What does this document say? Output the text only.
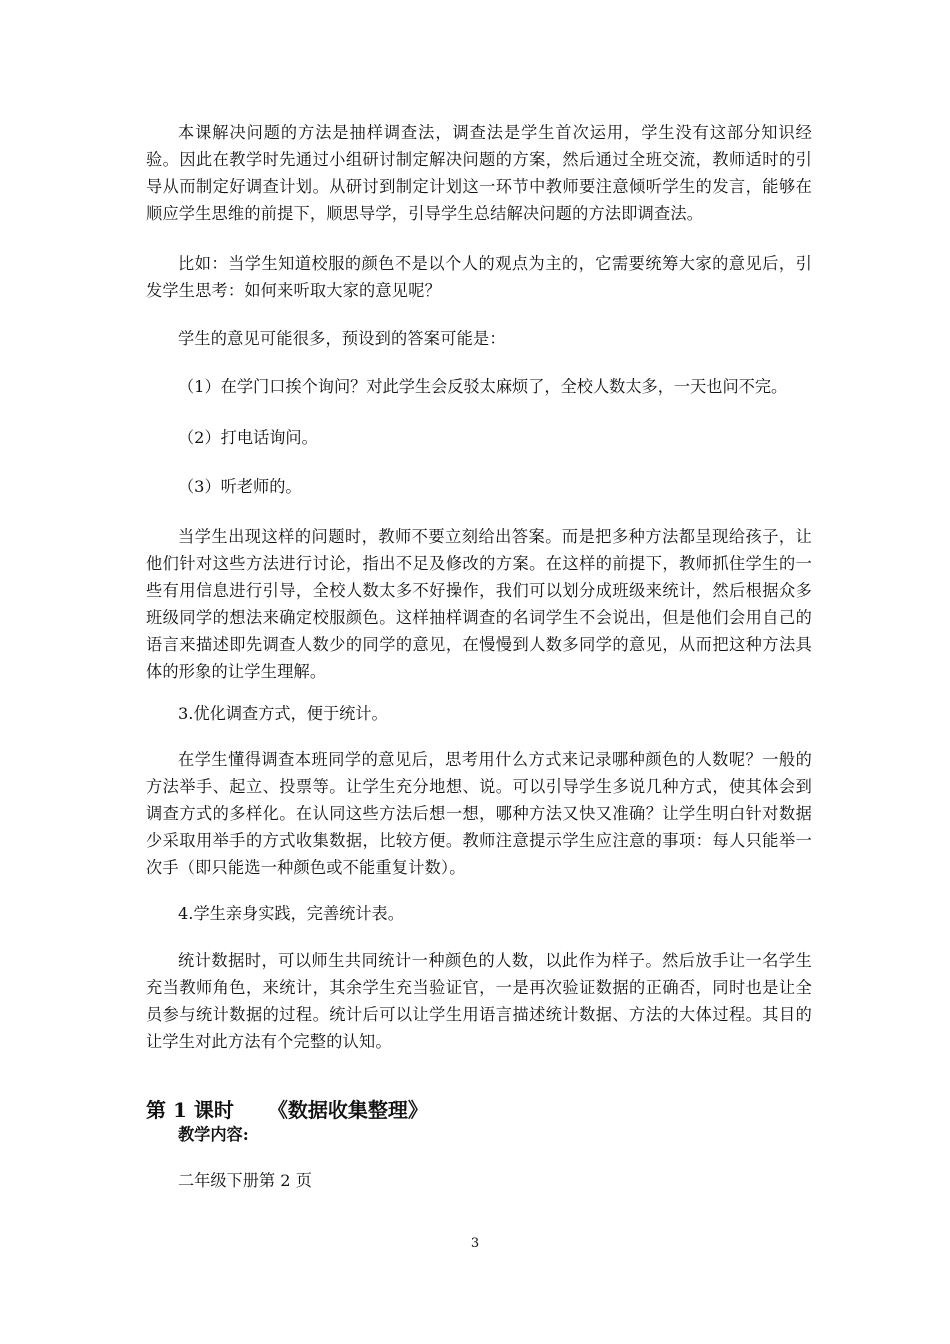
本课解决问题的方法是抽样调查法，调查法是学生首次运用，学生没有这部分知识经验。因此在教学时先通过小组研讨制定解决问题的方案，然后通过全班交流，教师适时的引导从而制定好调查计划。从研讨到制定计划这一环节中教师要注意倾听学生的发言，能够在顺应学生思维的前提下，顺思导学，引导学生总结解决问题的方法即调查法。

比如：当学生知道校服的颜色不是以个人的观点为主的，它需要统筹大家的意见后，引发学生思考：如何来听取大家的意见呢？

学生的意见可能很多，预设到的答案可能是：

（1）在学门口挨个询问？对此学生会反驳太麻烦了，全校人数太多，一天也问不完。

（2）打电话询问。

（3）听老师的。

当学生出现这样的问题时，教师不要立刻给出答案。而是把多种方法都呈现给孩子，让他们针对这些方法进行讨论，指出不足及修改的方案。在这样的前提下，教师抓住学生的一些有用信息进行引导，全校人数太多不好操作，我们可以划分成班级来统计，然后根据众多班级同学的想法来确定校服颜色。这样抽样调查的名词学生不会说出，但是他们会用自己的语言来描述即先调查人数少的同学的意见，在慢慢到人数多同学的意见，从而把这种方法具体的形象的让学生理解。

3.优化调查方式，便于统计。

在学生懂得调查本班同学的意见后，思考用什么方式来记录哪种颜色的人数呢？一般的方法举手、起立、投票等。让学生充分地想、说。可以引导学生多说几种方式，使其体会到调查方式的多样化。在认同这些方法后想一想，哪种方法又快又准确？让学生明白针对数据少采取用举手的方式收集数据，比较方便。教师注意提示学生应注意的事项：每人只能举一次手（即只能选一种颜色或不能重复计数）。

4.学生亲身实践，完善统计表。

统计数据时，可以师生共同统计一种颜色的人数，以此作为样子。然后放手让一名学生充当教师角色，来统计，其余学生充当验证官，一是再次验证数据的正确否，同时也是让全员参与统计数据的过程。统计后可以让学生用语言描述统计数据、方法的大体过程。其目的让学生对此方法有个完整的认知。

第 1 课时 《数据收集整理》

教学内容:

二年级下册第 2 页

3
